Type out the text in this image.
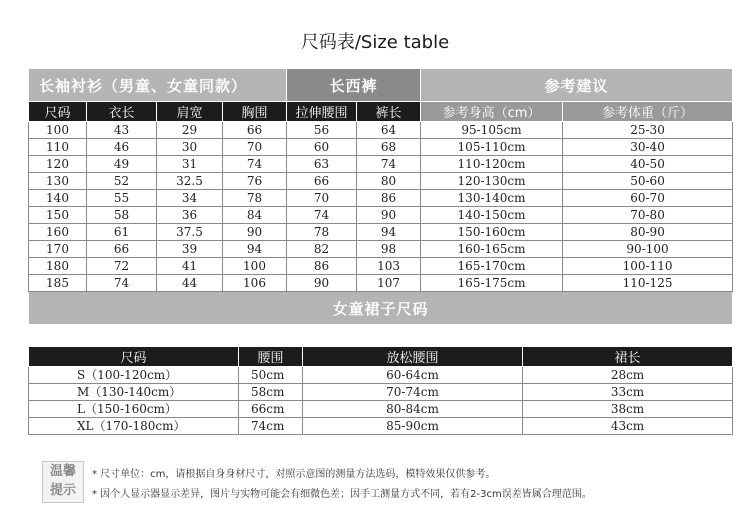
尺码表/Size table
长袖衬衫（男童、女童同款）				长西裤		参考建议	
尺码	衣长	肩宽	胸围	拉伸腰围	裤长	参考身高（cm）	参考体重（斤）
100	43	29	66	56	64	95-105cm	25-30
110	46	30	70	60	68	105-110cm	30-40
120	49	31	74	63	74	110-120cm	40-50
130	52	32.5	76	66	80	120-130cm	50-60
140	55	34	78	70	86	130-140cm	60-70
150	58	36	84	74	90	140-150cm	70-80
160	61	37.5	90	78	94	150-160cm	80-90
170	66	39	94	82	98	160-165cm	90-100
180	72	41	100	86	103	165-170cm	100-110
185	74	44	106	90	107	165-175cm	110-125
女童裙子尺码							
尺码	腰围	放松腰围	裙长
S（100-120cm）	50cm	60-64cm	28cm
M（130-140cm）	58cm	70-74cm	33cm
L（150-160cm）	66cm	80-84cm	38cm
XL（170-180cm）	74cm	85-90cm	43cm
温馨
提示
* 尺寸单位：cm，请根据自身身材尺寸，对照示意图的测量方法选码，模特效果仅供参考。
* 因个人显示器显示差异，图片与实物可能会有细微色差；因手工测量方式不同，若有2-3cm误差皆属合理范围。
